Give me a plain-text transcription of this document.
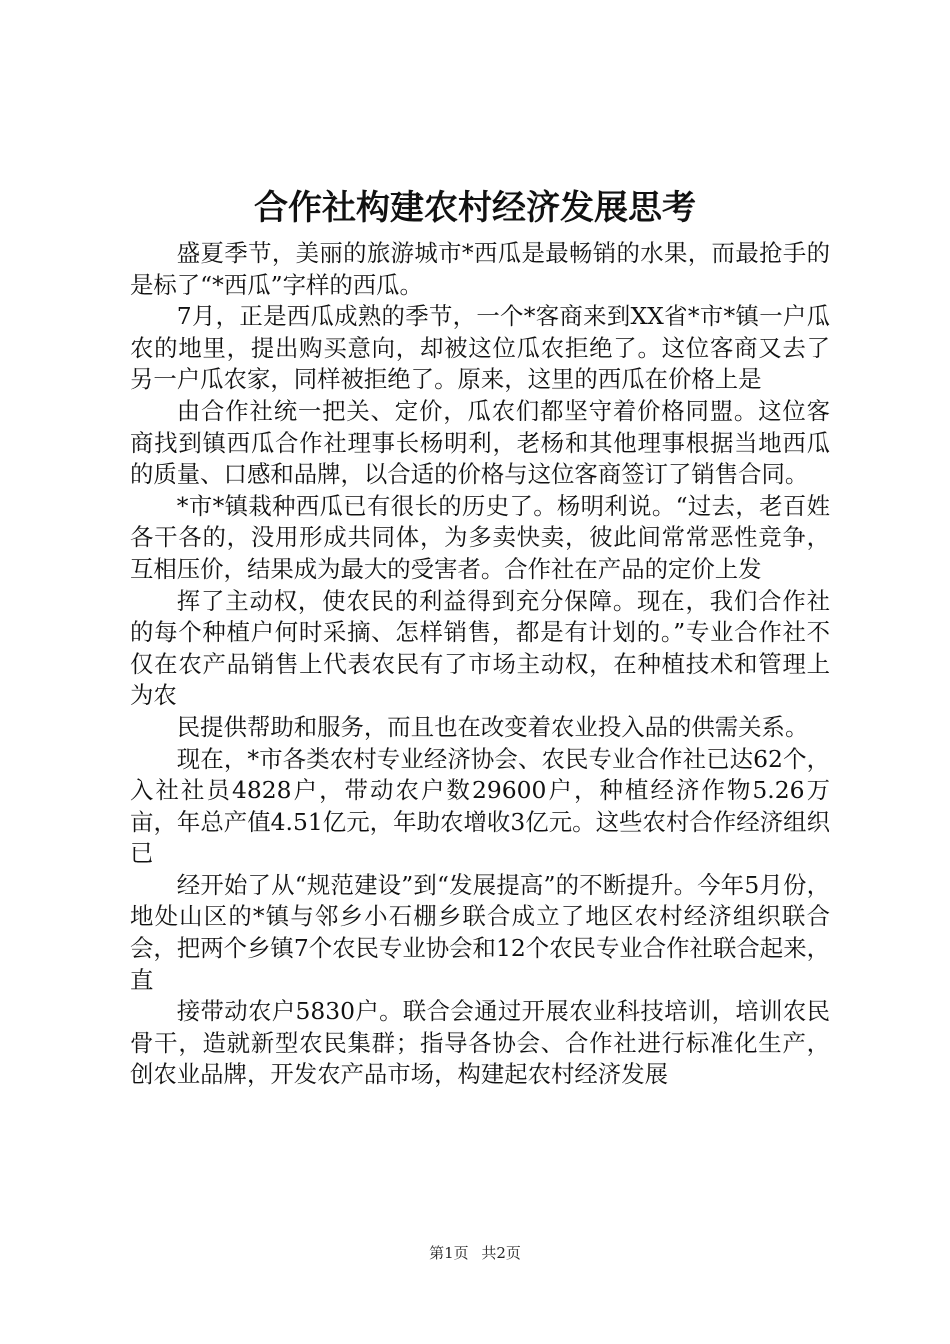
合作社构建农村经济发展思考

盛夏季节，美丽的旅游城市*西瓜是最畅销的水果，而最抢手的是标了“*西瓜”字样的西瓜。

7月，正是西瓜成熟的季节，一个*客商来到XX省*市*镇一户瓜农的地里，提出购买意向，却被这位瓜农拒绝了。这位客商又去了另一户瓜农家，同样被拒绝了。原来，这里的西瓜在价格上是

由合作社统一把关、定价，瓜农们都坚守着价格同盟。这位客商找到镇西瓜合作社理事长杨明利，老杨和其他理事根据当地西瓜的质量、口感和品牌，以合适的价格与这位客商签订了销售合同。

*市*镇栽种西瓜已有很长的历史了。杨明利说。“过去，老百姓各干各的，没用形成共同体，为多卖快卖，彼此间常常恶性竞争，互相压价，结果成为最大的受害者。合作社在产品的定价上发

挥了主动权，使农民的利益得到充分保障。现在，我们合作社的每个种植户何时采摘、怎样销售，都是有计划的。”专业合作社不仅在农产品销售上代表农民有了市场主动权，在种植技术和管理上为农

民提供帮助和服务，而且也在改变着农业投入品的供需关系。

现在，*市各类农村专业经济协会、农民专业合作社已达62个，入社社员4828户，带动农户数29600户，种植经济作物5.26万亩，年总产值4.51亿元，年助农增收3亿元。这些农村合作经济组织已

经开始了从“规范建设”到“发展提高”的不断提升。今年5月份，地处山区的*镇与邻乡小石棚乡联合成立了地区农村经济组织联合会，把两个乡镇7个农民专业协会和12个农民专业合作社联合起来，直

接带动农户5830户。联合会通过开展农业科技培训，培训农民骨干，造就新型农民集群；指导各协会、合作社进行标准化生产，创农业品牌，开发农产品市场，构建起农村经济发展

第1页 共2页
